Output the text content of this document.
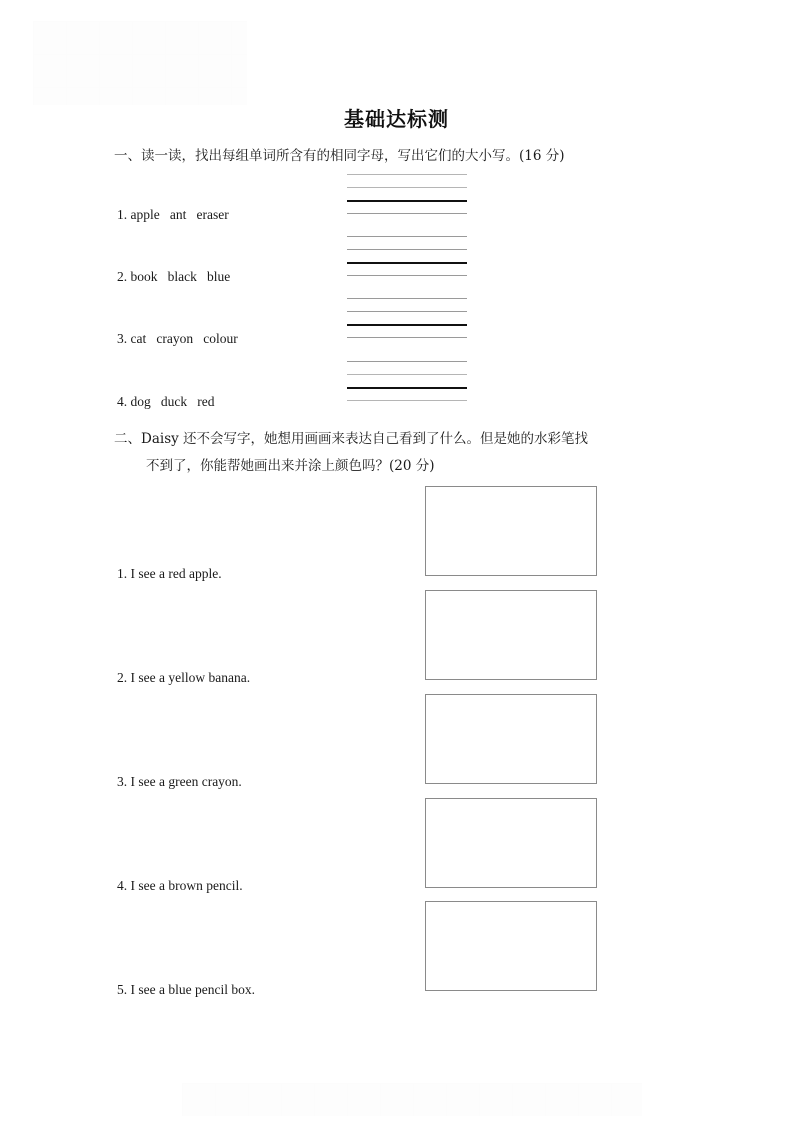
基础达标测
一、读一读，找出每组单词所含有的相同字母，写出它们的大小写。(16 分)
1. apple   ant   eraser
2. book   black   blue
3. cat   crayon   colour
4. dog   duck   red
二、Daisy 还不会写字，她想用画画来表达自己看到了什么。但是她的水彩笔找
不到了，你能帮她画出来并涂上颜色吗？(20 分)
1. I see a red apple.
2. I see a yellow banana.
3. I see a green crayon.
4. I see a brown pencil.
5. I see a blue pencil box.
